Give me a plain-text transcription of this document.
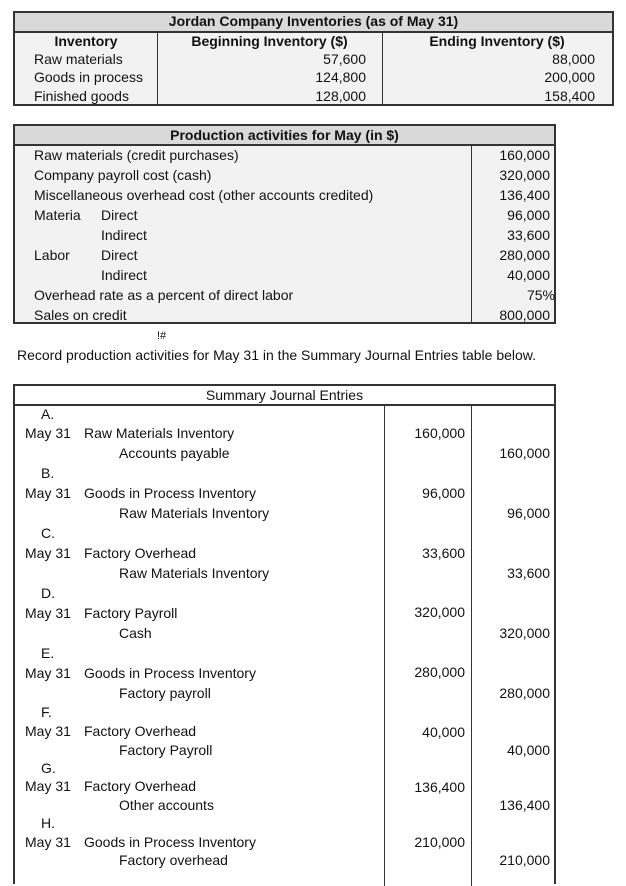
Jordan Company Inventories (as of May 31)
Inventory	Beginning Inventory ($)	Ending Inventory ($)
Raw materials	57,600	88,000
Goods in process	124,800	200,000
Finished goods	128,000	158,400
Production activities for May (in $)
Raw materials (credit purchases)	160,000
Company payroll cost (cash)	320,000
Miscellaneous overhead cost (other accounts credited)	136,400
Materia Direct	96,000
Indirect	33,600
Labor Direct	280,000
Indirect	40,000
Overhead rate as a percent of direct labor	75%
Sales on credit	800,000
!#
Record production activities for May 31 in the Summary Journal Entries table below.
Summary Journal Entries
A.
May 31 Raw Materials Inventory	160,000
Accounts payable	160,000
B.
May 31 Goods in Process Inventory	96,000
Raw Materials Inventory	96,000
C.
May 31 Factory Overhead	33,600
Raw Materials Inventory	33,600
D.
May 31 Factory Payroll	320,000
Cash	320,000
E.
May 31 Goods in Process Inventory	280,000
Factory payroll	280,000
F.
May 31 Factory Overhead	40,000
Factory Payroll	40,000
G.
May 31 Factory Overhead	136,400
Other accounts	136,400
H.
May 31 Goods in Process Inventory	210,000
Factory overhead	210,000
